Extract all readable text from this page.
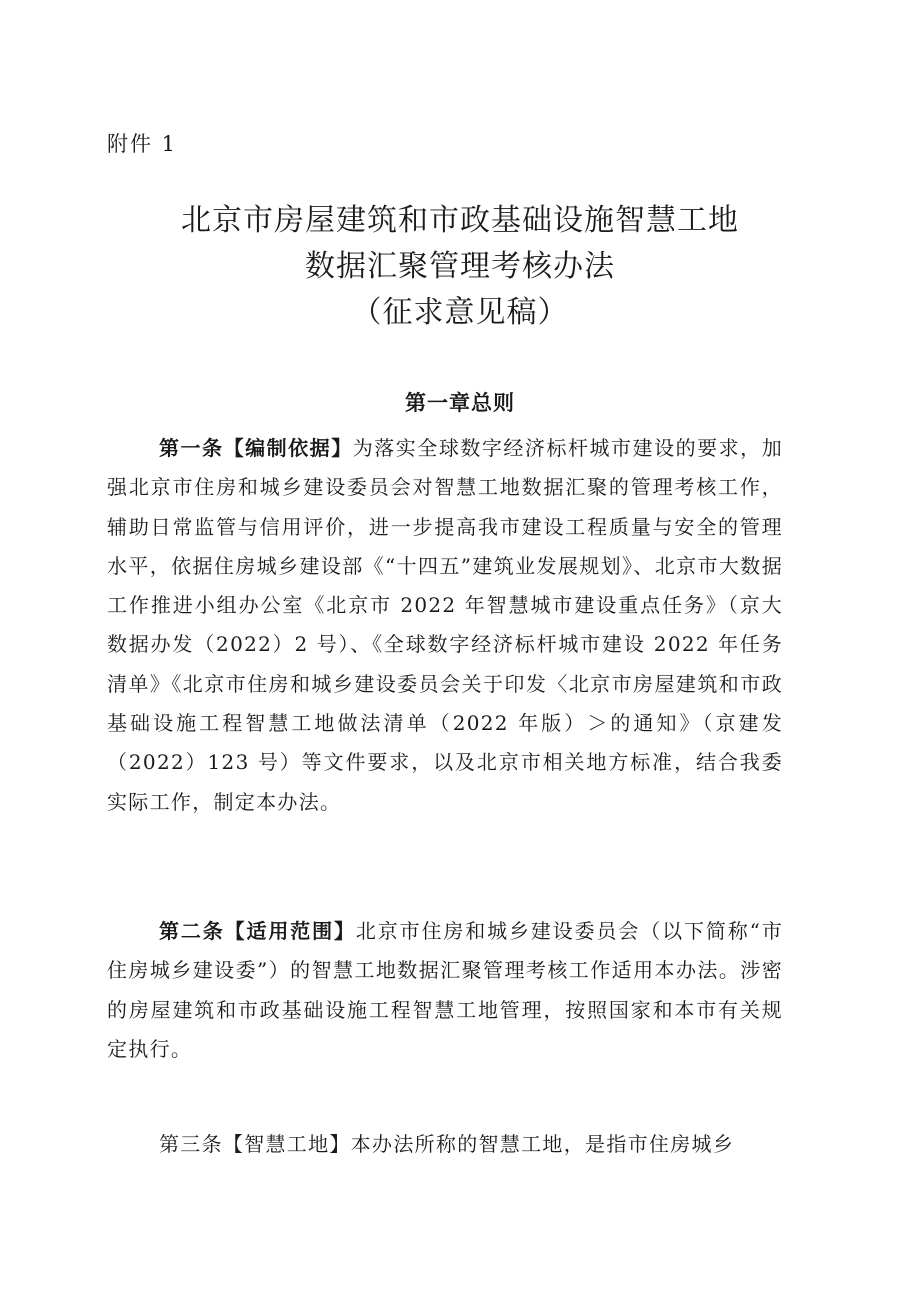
附件 1
北京市房屋建筑和市政基础设施智慧工地
数据汇聚管理考核办法
（征求意见稿）
第一章总则

第一条【编制依据】为落实全球数字经济标杆城市建设的要求，加强北京市住房和城乡建设委员会对智慧工地数据汇聚的管理考核工作，辅助日常监管与信用评价，进一步提高我市建设工程质量与安全的管理水平，依据住房城乡建设部《“十四五”建筑业发展规划》、北京市大数据工作推进小组办公室《北京市 2022 年智慧城市建设重点任务》（京大数据办发（2022）2 号）、《全球数字经济标杆城市建设 2022 年任务清单》《北京市住房和城乡建设委员会关于印发〈北京市房屋建筑和市政基础设施工程智慧工地做法清单（2022 年版）＞的通知》（京建发（2022）123 号）等文件要求，以及北京市相关地方标准，结合我委实际工作，制定本办法。

第二条【适用范围】北京市住房和城乡建设委员会（以下简称“市住房城乡建设委”）的智慧工地数据汇聚管理考核工作适用本办法。涉密的房屋建筑和市政基础设施工程智慧工地管理，按照国家和本市有关规定执行。

第三条【智慧工地】本办法所称的智慧工地，是指市住房城乡
